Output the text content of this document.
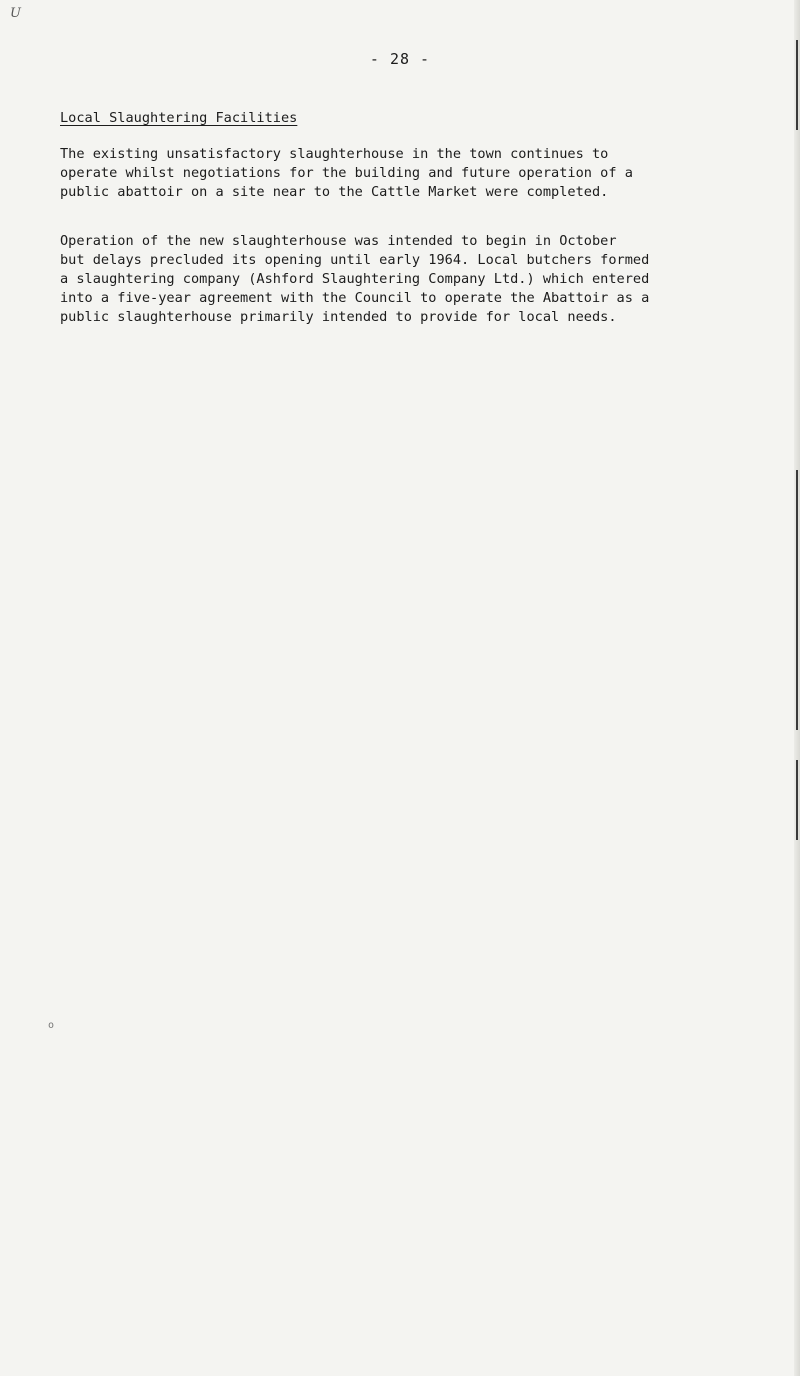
U
- 28 -
Local Slaughtering Facilities

The existing unsatisfactory slaughterhouse in the town continues to
operate whilst negotiations for the building and future operation of a
public abattoir on a site near to the Cattle Market were completed.

Operation of the new slaughterhouse was intended to begin in October
but delays precluded its opening until early 1964. Local butchers formed
a slaughtering company (Ashford Slaughtering Company Ltd.) which entered
into a five-year agreement with the Council to operate the Abattoir as a
public slaughterhouse primarily intended to provide for local needs.

o
